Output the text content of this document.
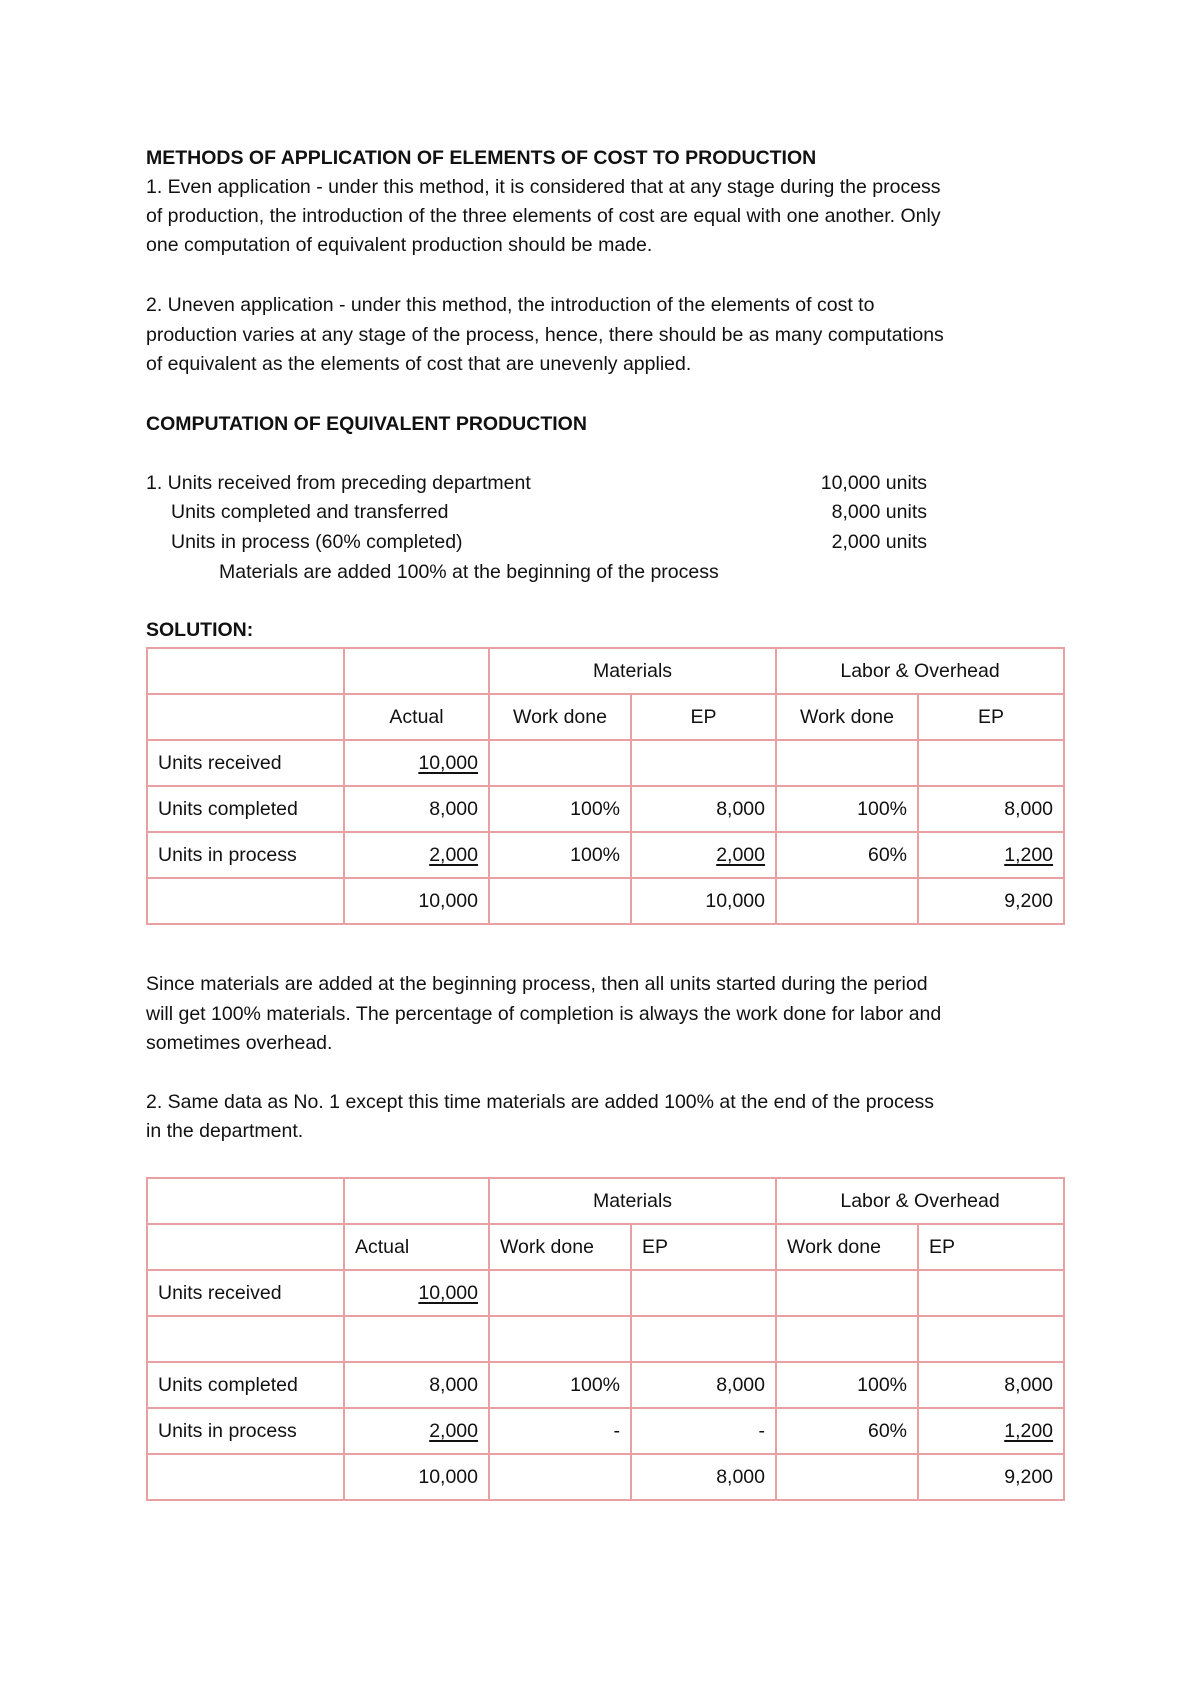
METHODS OF APPLICATION OF ELEMENTS OF COST TO PRODUCTION
1. Even application - under this method, it is considered that at any stage during the process
of production, the introduction of the three elements of cost are equal with one another. Only
one computation of equivalent production should be made.
2. Uneven application - under this method, the introduction of the elements of cost to
production varies at any stage of the process, hence, there should be as many computations
of equivalent as the elements of cost that are unevenly applied.
COMPUTATION OF EQUIVALENT PRODUCTION
1. Units received from preceding department	10,000 units
Units completed and transferred	8,000 units
Units in process (60% completed)	2,000 units
Materials are added 100% at the beginning of the process
SOLUTION:
		Materials		Labor & Overhead	
	Actual	Work done	EP	Work done	EP
Units received	10,000				
Units completed	8,000	100%	8,000	100%	8,000
Units in process	2,000	100%	2,000	60%	1,200
	10,000		10,000		9,200
Since materials are added at the beginning process, then all units started during the period
will get 100% materials. The percentage of completion is always the work done for labor and
sometimes overhead.
2. Same data as No. 1 except this time materials are added 100% at the end of the process
in the department.
		Materials		Labor & Overhead	
	Actual	Work done	EP	Work done	EP
Units received	10,000				

Units completed	8,000	100%	8,000	100%	8,000
Units in process	2,000	-	-	60%	1,200
	10,000		8,000		9,200
